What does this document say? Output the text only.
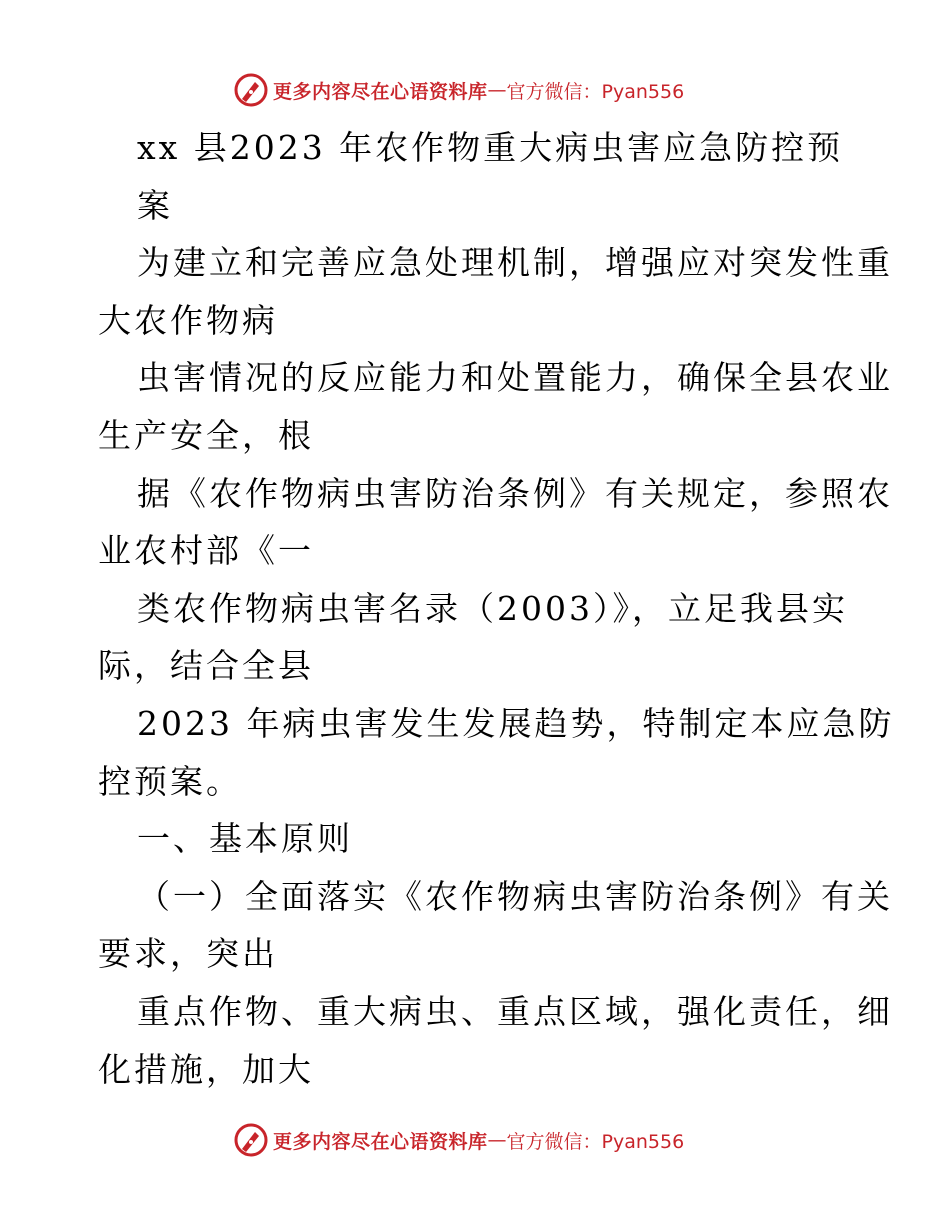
更多内容尽在心语资料库 — 官方微信：Pyan556
xx 县2023 年农作物重大病虫害应急防控预
案
为建立和完善应急处理机制，增强应对突发性重
大农作物病
虫害情况的反应能力和处置能力，确保全县农业
生产安全，根
据《农作物病虫害防治条例》有关规定，参照农
业农村部《一
类农作物病虫害名录（2003）》，立足我县实
际，结合全县
2023 年病虫害发生发展趋势，特制定本应急防
控预案。
一、基本原则
（一）全面落实《农作物病虫害防治条例》有关
要求，突出
重点作物、重大病虫、重点区域，强化责任，细
化措施，加大
更多内容尽在心语资料库 — 官方微信：Pyan556
